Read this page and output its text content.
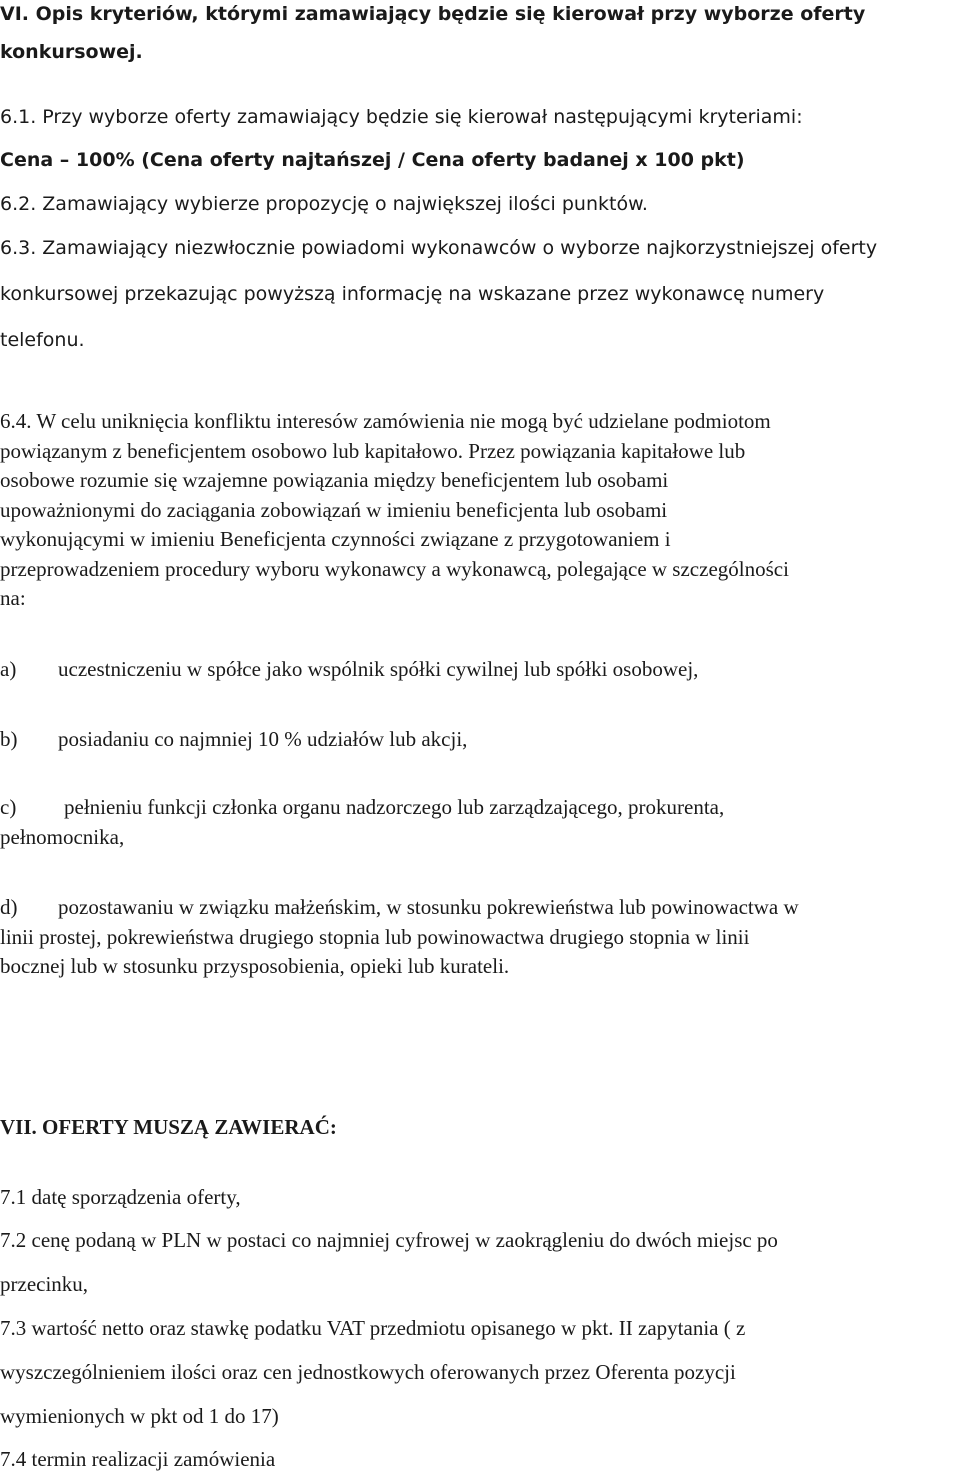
VI. Opis kryteriów, którymi zamawiający będzie się kierował przy wyborze oferty
konkursowej.
6.1. Przy wyborze oferty zamawiający będzie się kierował następującymi kryteriami:
Cena – 100% (Cena oferty najtańszej / Cena oferty badanej x 100 pkt)
6.2. Zamawiający wybierze propozycję o największej ilości punktów.
6.3. Zamawiający niezwłocznie powiadomi wykonawców o wyborze najkorzystniejszej oferty
konkursowej przekazując powyższą informację na wskazane przez wykonawcę numery
telefonu.
6.4. W celu uniknięcia konfliktu interesów zamówienia nie mogą być udzielane podmiotom
powiązanym z beneficjentem osobowo lub kapitałowo. Przez powiązania kapitałowe lub
osobowe rozumie się wzajemne powiązania między beneficjentem lub osobami
upoważnionymi do zaciągania zobowiązań w imieniu beneficjenta lub osobami
wykonującymi w imieniu Beneficjenta czynności związane z przygotowaniem i
przeprowadzeniem procedury wyboru wykonawcy a wykonawcą, polegające w szczególności
na:
a) uczestniczeniu w spółce jako wspólnik spółki cywilnej lub spółki osobowej,
b) posiadaniu co najmniej 10 % udziałów lub akcji,
c) pełnieniu funkcji członka organu nadzorczego lub zarządzającego, prokurenta,
pełnomocnika,
d) pozostawaniu w związku małżeńskim, w stosunku pokrewieństwa lub powinowactwa w
linii prostej, pokrewieństwa drugiego stopnia lub powinowactwa drugiego stopnia w linii
bocznej lub w stosunku przysposobienia, opieki lub kurateli.
VII. OFERTY MUSZĄ ZAWIERAĆ:
7.1 datę sporządzenia oferty,
7.2 cenę podaną w PLN w postaci co najmniej cyfrowej w zaokrągleniu do dwóch miejsc po
przecinku,
7.3 wartość netto oraz stawkę podatku VAT przedmiotu opisanego w pkt. II zapytania ( z
wyszczególnieniem ilości oraz cen jednostkowych oferowanych przez Oferenta pozycji
wymienionych w pkt od 1 do 17)
7.4 termin realizacji zamówienia
